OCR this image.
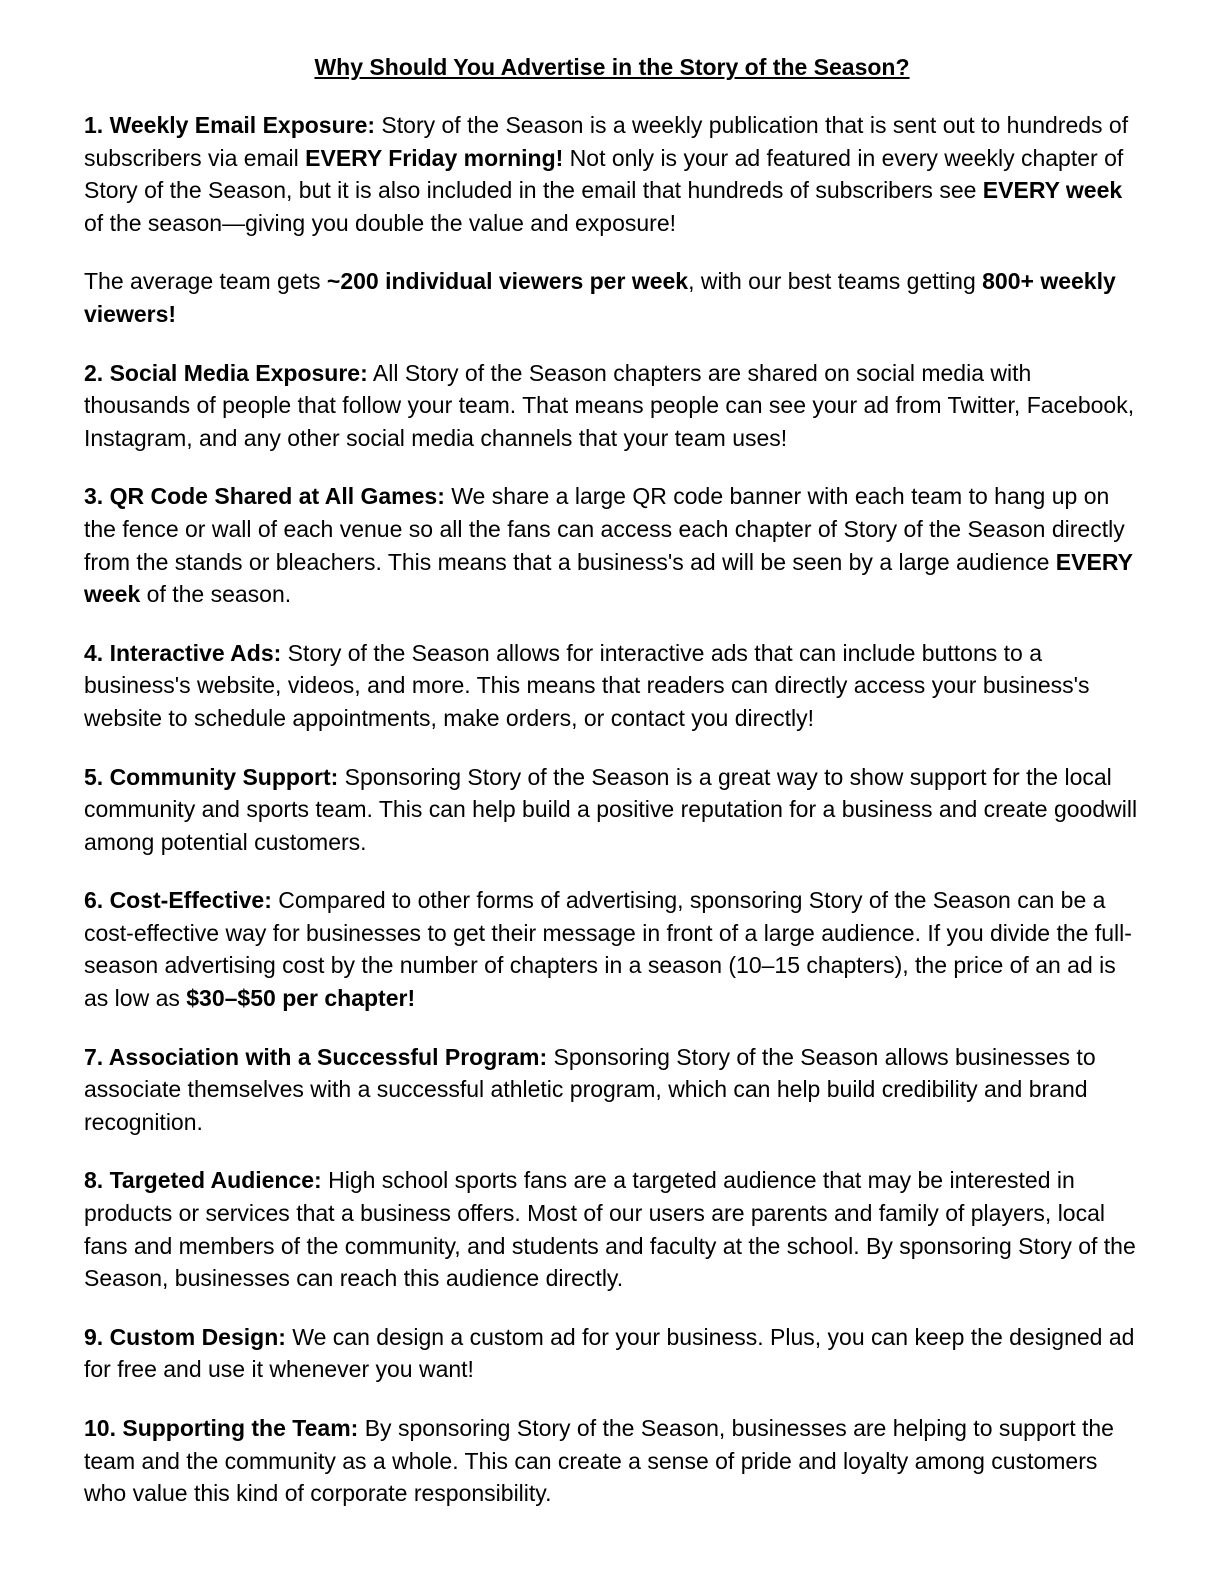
Why Should You Advertise in the Story of the Season?

1. Weekly Email Exposure: Story of the Season is a weekly publication that is sent out to hundreds of subscribers via email EVERY Friday morning! Not only is your ad featured in every weekly chapter of Story of the Season, but it is also included in the email that hundreds of subscribers see EVERY week of the season—giving you double the value and exposure!

The average team gets ~200 individual viewers per week, with our best teams getting 800+ weekly viewers!

2. Social Media Exposure: All Story of the Season chapters are shared on social media with thousands of people that follow your team. That means people can see your ad from Twitter, Facebook, Instagram, and any other social media channels that your team uses!

3. QR Code Shared at All Games: We share a large QR code banner with each team to hang up on the fence or wall of each venue so all the fans can access each chapter of Story of the Season directly from the stands or bleachers. This means that a business's ad will be seen by a large audience EVERY week of the season.

4. Interactive Ads: Story of the Season allows for interactive ads that can include buttons to a business's website, videos, and more. This means that readers can directly access your business's website to schedule appointments, make orders, or contact you directly!

5. Community Support: Sponsoring Story of the Season is a great way to show support for the local community and sports team. This can help build a positive reputation for a business and create goodwill among potential customers.

6. Cost-Effective: Compared to other forms of advertising, sponsoring Story of the Season can be a cost-effective way for businesses to get their message in front of a large audience. If you divide the full-season advertising cost by the number of chapters in a season (10–15 chapters), the price of an ad is as low as $30–$50 per chapter!

7. Association with a Successful Program: Sponsoring Story of the Season allows businesses to associate themselves with a successful athletic program, which can help build credibility and brand recognition.

8. Targeted Audience: High school sports fans are a targeted audience that may be interested in products or services that a business offers. Most of our users are parents and family of players, local fans and members of the community, and students and faculty at the school. By sponsoring Story of the Season, businesses can reach this audience directly.

9. Custom Design: We can design a custom ad for your business. Plus, you can keep the designed ad for free and use it whenever you want!

10. Supporting the Team: By sponsoring Story of the Season, businesses are helping to support the team and the community as a whole. This can create a sense of pride and loyalty among customers who value this kind of corporate responsibility.
